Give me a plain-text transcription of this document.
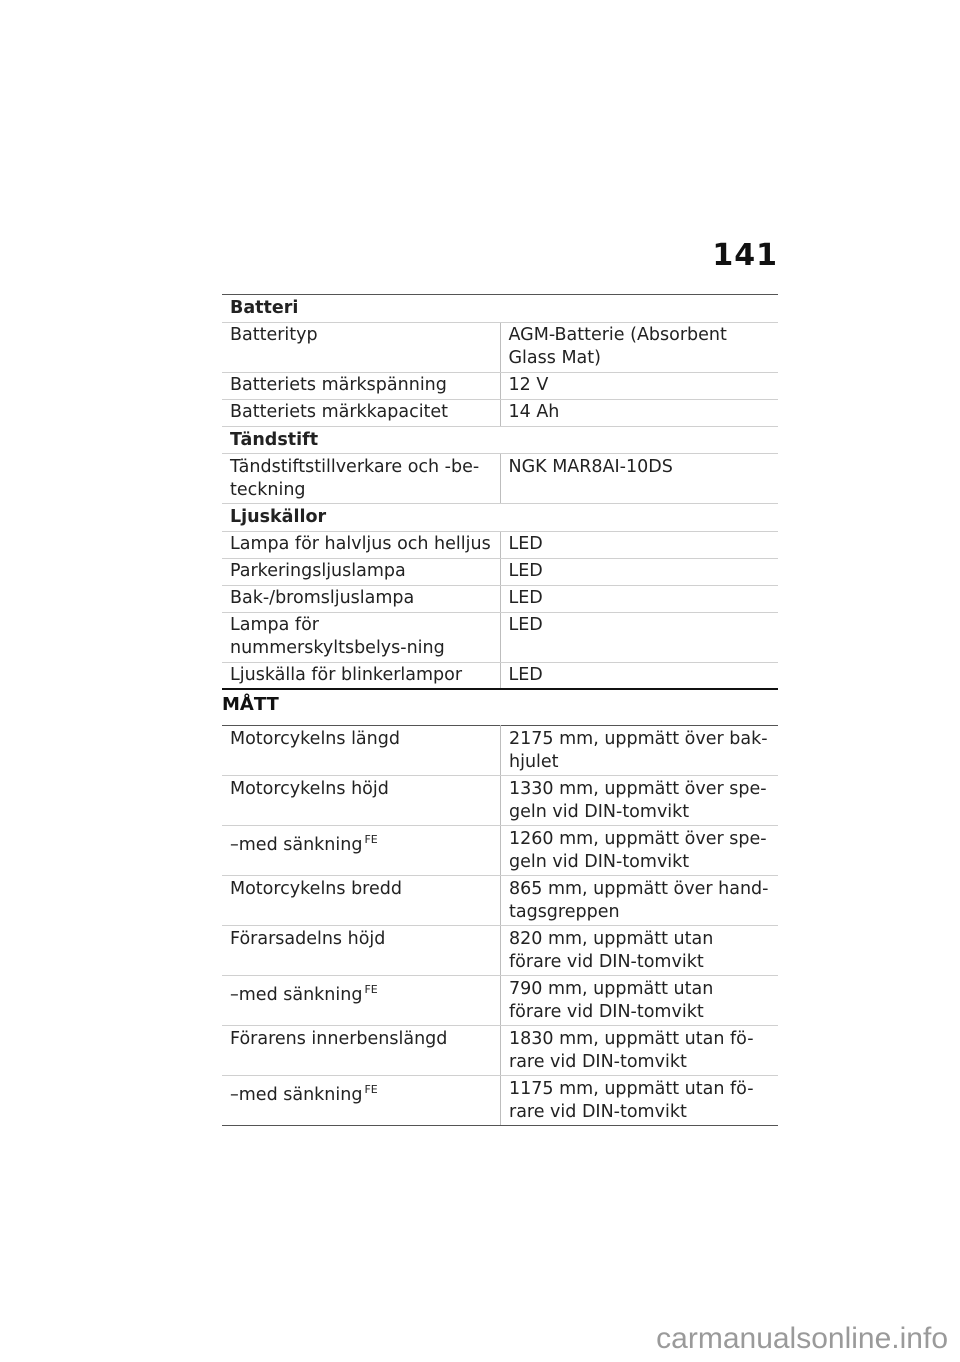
141
Batteri	
Batterityp	AGM-Batterie (Absorbent Glass Mat)
Batteriets märkspänning	12 V
Batteriets märkkapacitet	14 Ah
Tändstift	
Tändstiftstillverkare och -be-teckning	NGK MAR8AI-10DS
Ljuskällor	
Lampa för halvljus och helljus	LED
Parkeringsljuslampa	LED
Bak-/bromsljuslampa	LED
Lampa för nummerskyltsbelys-ning	LED
Ljuskälla för blinkerlampor	LED
MÅTT
Motorcykelns längd	2175 mm, uppmätt över bak-hjulet
Motorcykelns höjd	1330 mm, uppmätt över spe-geln vid DIN-tomvikt
–med sänkning $^{FE}$	1260 mm, uppmätt över spe-geln vid DIN-tomvikt
Motorcykelns bredd	865 mm, uppmätt över hand-tagsgreppen
Förarsadelns höjd	820 mm, uppmätt utan förare vid DIN-tomvikt
–med sänkning $^{FE}$	790 mm, uppmätt utan förare vid DIN-tomvikt
Förarens innerbenslängd	1830 mm, uppmätt utan fö-rare vid DIN-tomvikt
–med sänkning $^{FE}$	1175 mm, uppmätt utan fö-rare vid DIN-tomvikt
carmanualsonline.info
